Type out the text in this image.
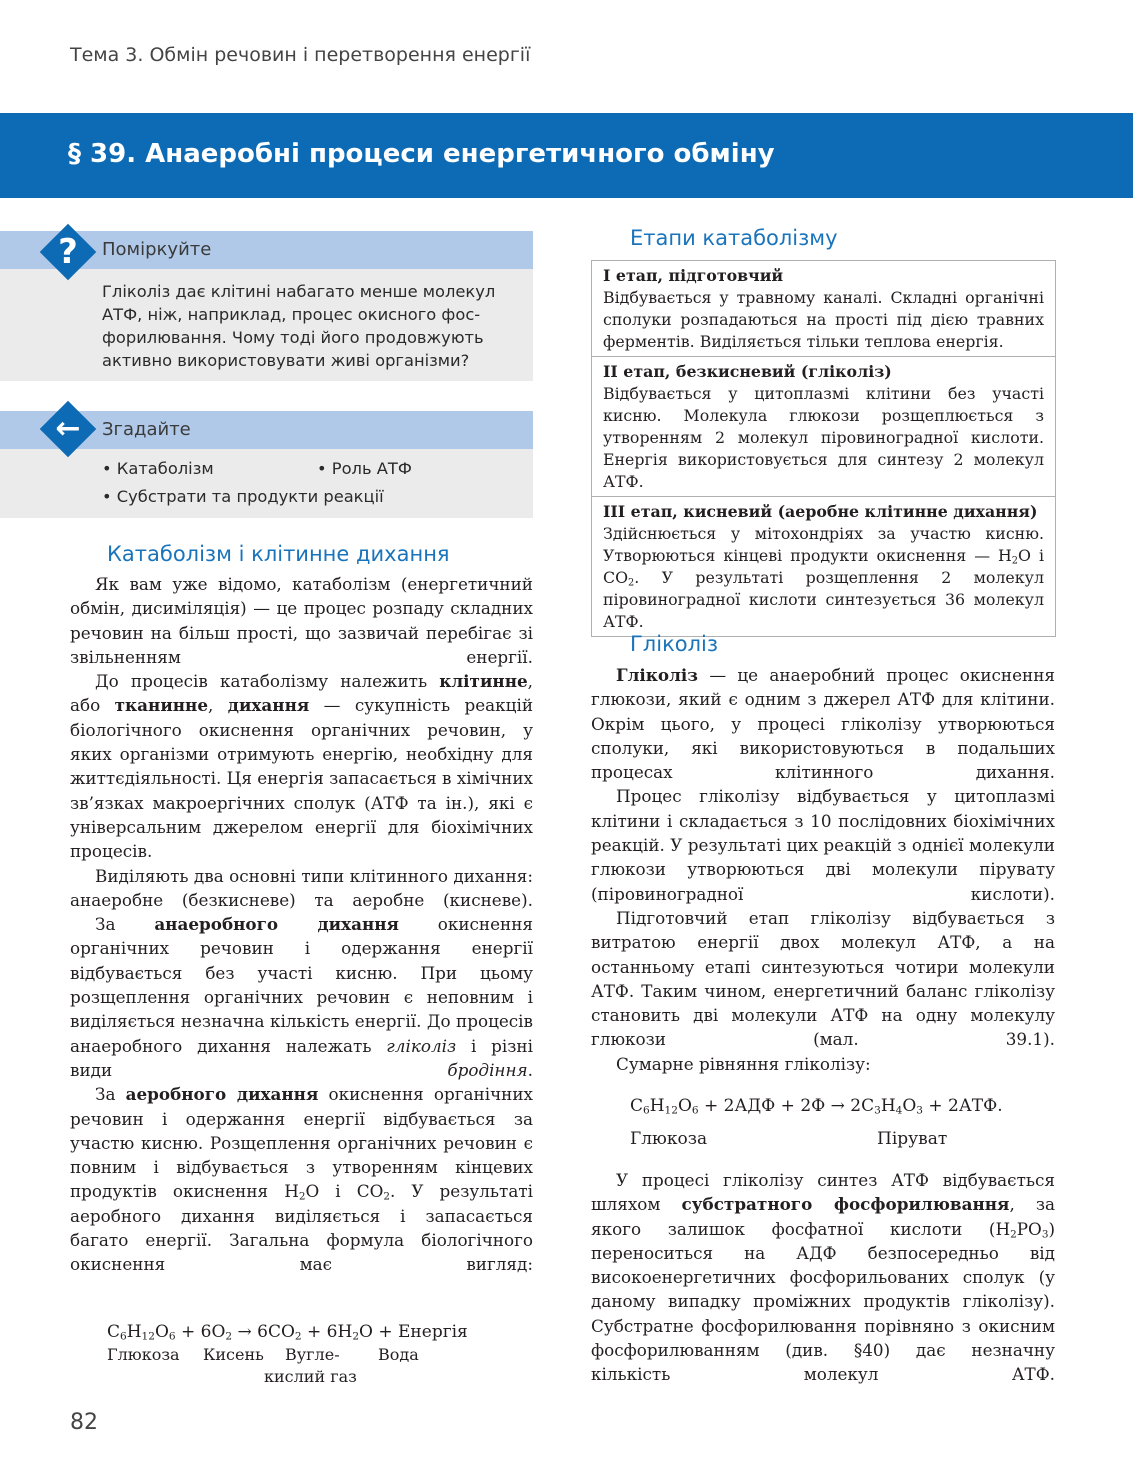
Тема 3. Обмін речовин і перетворення енергії
§ 39. Анаеробні процеси енергетичного обміну
Поміркуйте
Гліколіз дає клітині набагато менше молекул
АТФ, ніж, наприклад, процес окисного фос-
форилювання. Чому тоді його продовжують
активно використовувати живі організми?
?
Згадайте
• Катаболізм	• Роль АТФ
• Субстрати та продукти реакції
←
Катаболізм і клітинне дихання

Як вам уже відомо, катаболізм (енергетичний обмін, дисиміляція) — це процес розпаду складних речовин на більш прості, що зазвичай перебігає зі звільненням енергії.

До процесів катаболізму належить клітинне, або тканинне, дихання — сукупність реакцій біологічного окиснення органічних речовин, у яких організми отримують енергію, необхідну для життєдіяльності. Ця енергія запасається в хімічних зв’язках макроергічних сполук (АТФ та ін.), які є універсальним джерелом енергії для біохімічних процесів.

Виділяють два основні типи клітинного дихання: анаеробне (безкисневе) та аеробне (кисневе).

За анаеробного дихання окиснення органічних речовин і одержання енергії відбувається без участі кисню. При цьому розщеплення органічних речовин є неповним і виділяється незначна кількість енергії. До процесів анаеробного дихання належать гліколіз і різні види бродіння.

За аеробного дихання окиснення органічних речовин і одержання енергії відбувається за участю кисню. Розщеплення органічних речовин є повним і відбувається з утворенням кінцевих продуктів окиснення $H_2O$ і $CO_2$. У результаті аеробного дихання виділяється і запасається багато енергії. Загальна формула біологічного окиснення має вигляд:

$C_6H_{12}O_6 + 6O_2 \to 6CO_2 + 6H_2O$ + Енергія
Глюкоза Кисень Вугле- Вода
кислий газ
Етапи катаболізму
I етап, підготовчий
Відбувається у травному каналі. Складні органічні сполуки розпадаються на прості під дією травних ферментів. Виділяється тільки теплова енергія.
II етап, безкисневий (гліколіз)
Відбувається у цитоплазмі клітини без участі кисню. Молекула глюкози розщеплюється з утворенням 2 молекул піровиноградної кислоти. Енергія використовується для синтезу 2 молекул АТФ.
III етап, кисневий (аеробне клітинне дихання)
Здійснюється у мітохондріях за участю кисню. Утворюються кінцеві продукти окиснення — $H_2O$ і $CO_2$. У результаті розщеплення 2 молекул піровиноградної кислоти синтезується 36 молекул АТФ.
Гліколіз

Гліколіз — це анаеробний процес окиснення глюкози, який є одним з джерел АТФ для клітини. Окрім цього, у процесі гліколізу утворюються сполуки, які використовуються в подальших процесах клітинного дихання.

Процес гліколізу відбувається у цитоплазмі клітини і складається з 10 послідовних біохімічних реакцій. У результаті цих реакцій з однієї молекули глюкози утворюються дві молекули пірувату (піровиноградної кислоти).

Підготовчий етап гліколізу відбувається з витратою енергії двох молекул АТФ, а на останньому етапі синтезуються чотири молекули АТФ. Таким чином, енергетичний баланс гліколізу становить дві молекули АТФ на одну молекулу глюкози (мал. 39.1).

Сумарне рівняння гліколізу:

$C_6H_{12}O_6 + 2АДФ + 2Ф \to 2C_3H_4O_3 + 2АТФ$.
Глюкоза	Піруват

У процесі гліколізу синтез АТФ відбувається шляхом субстратного фосфорилювання, за якого залишок фосфатної кислоти $(H_2PO_3)$ переноситься на АДФ безпосередньо від високоенергетичних фосфорильованих сполук (у даному випадку проміжних продуктів гліколізу). Субстратне фосфорилювання порівняно з окисним фосфорилюванням (див. §40) дає незначну кількість молекул АТФ.

82
